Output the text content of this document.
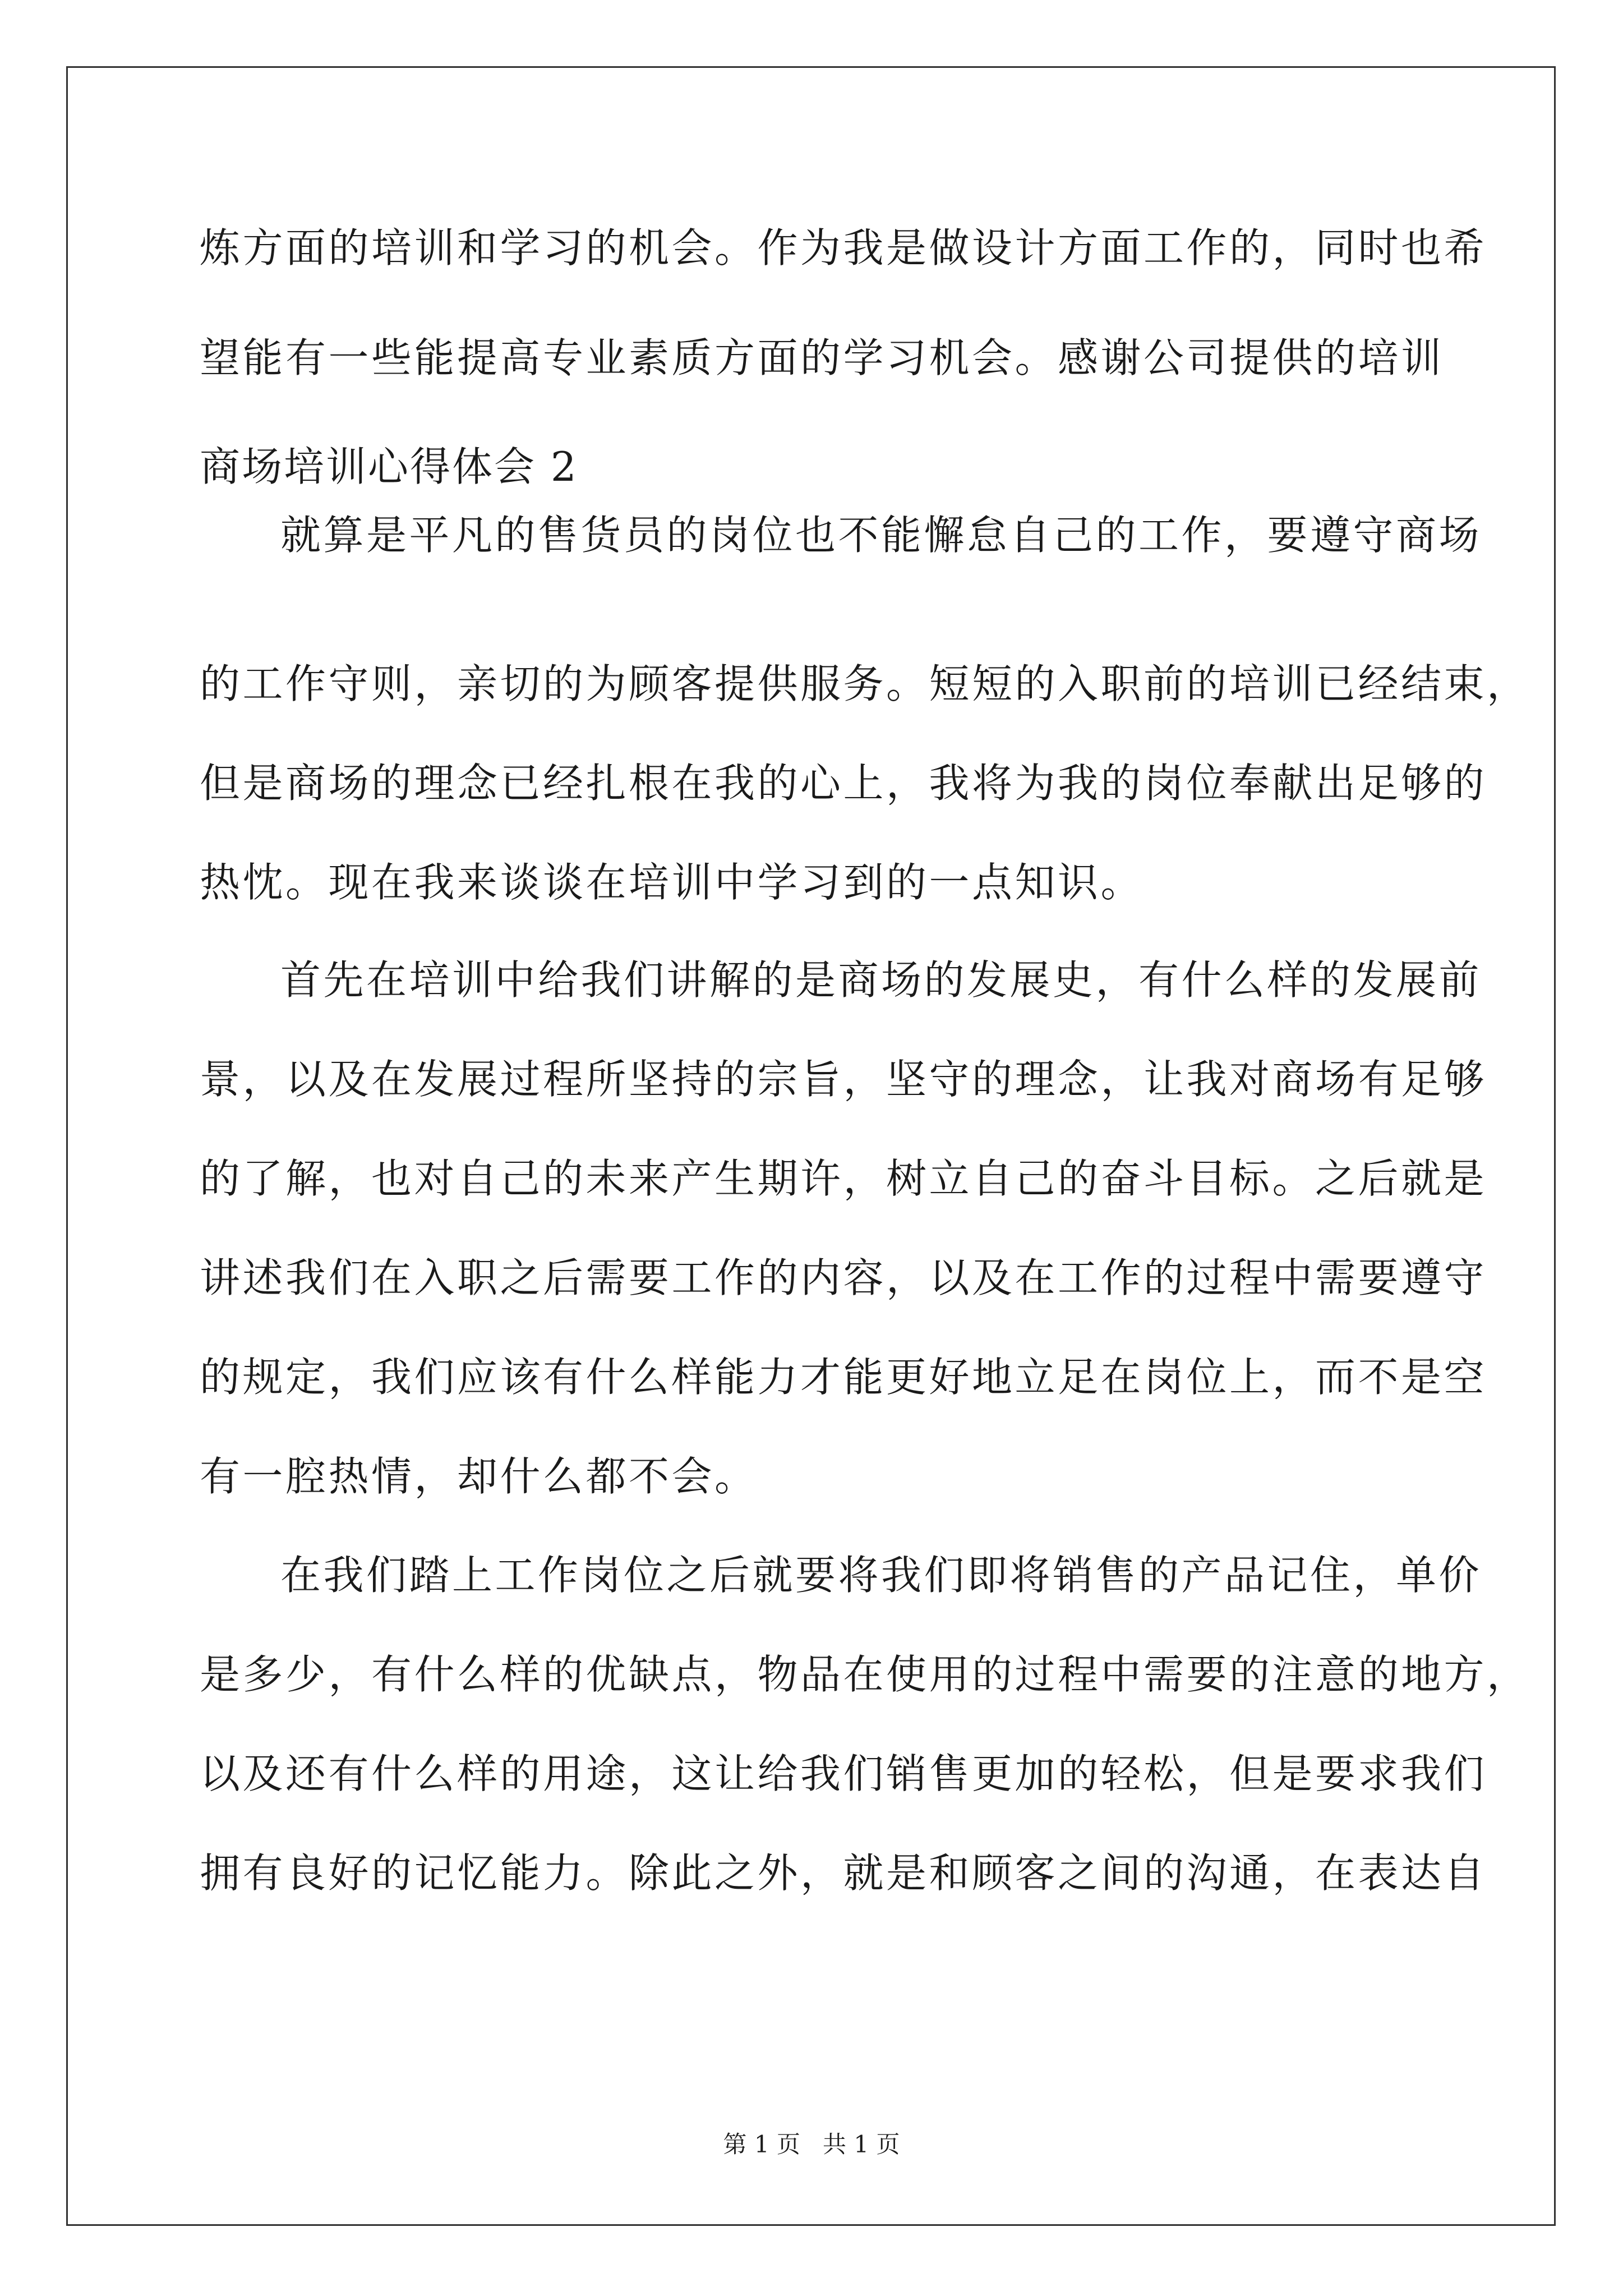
炼方面的培训和学习的机会。作为我是做设计方面工作的，同时也希

望能有一些能提高专业素质方面的学习机会。感谢公司提供的培训

商场培训心得体会 2

就算是平凡的售货员的岗位也不能懈怠自己的工作，要遵守商场

的工作守则，亲切的为顾客提供服务。短短的入职前的培训已经结束，

但是商场的理念已经扎根在我的心上，我将为我的岗位奉献出足够的

热忱。现在我来谈谈在培训中学习到的一点知识。

首先在培训中给我们讲解的是商场的发展史，有什么样的发展前

景，以及在发展过程所坚持的宗旨，坚守的理念，让我对商场有足够

的了解，也对自己的未来产生期许，树立自己的奋斗目标。之后就是

讲述我们在入职之后需要工作的内容，以及在工作的过程中需要遵守

的规定，我们应该有什么样能力才能更好地立足在岗位上，而不是空

有一腔热情，却什么都不会。

在我们踏上工作岗位之后就要将我们即将销售的产品记住，单价

是多少，有什么样的优缺点，物品在使用的过程中需要的注意的地方，

以及还有什么样的用途，这让给我们销售更加的轻松，但是要求我们

拥有良好的记忆能力。除此之外，就是和顾客之间的沟通，在表达自

第 1 页   共 1 页
